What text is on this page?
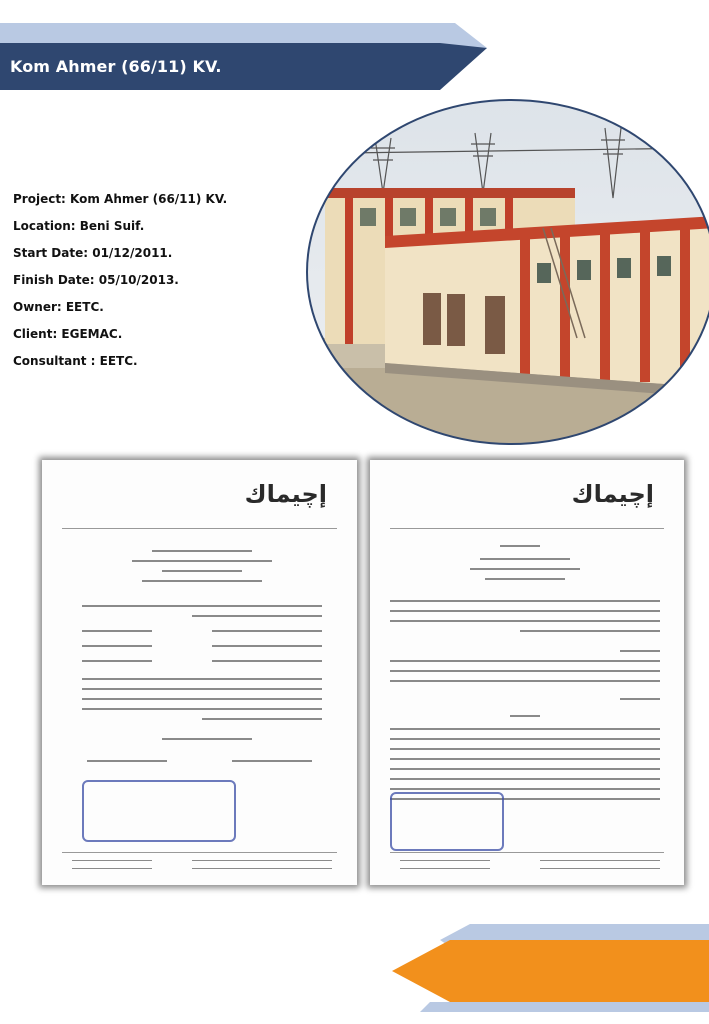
Kom Ahmer (66/11) KV.
Project: Kom Ahmer (66/11) KV.
Location: Beni Suif.
Start Date: 01/12/2011.
Finish Date: 05/10/2013.
Owner: EETC.
Client: EGEMAC.
Consultant : EETC.
إچيماك	إچيماك
